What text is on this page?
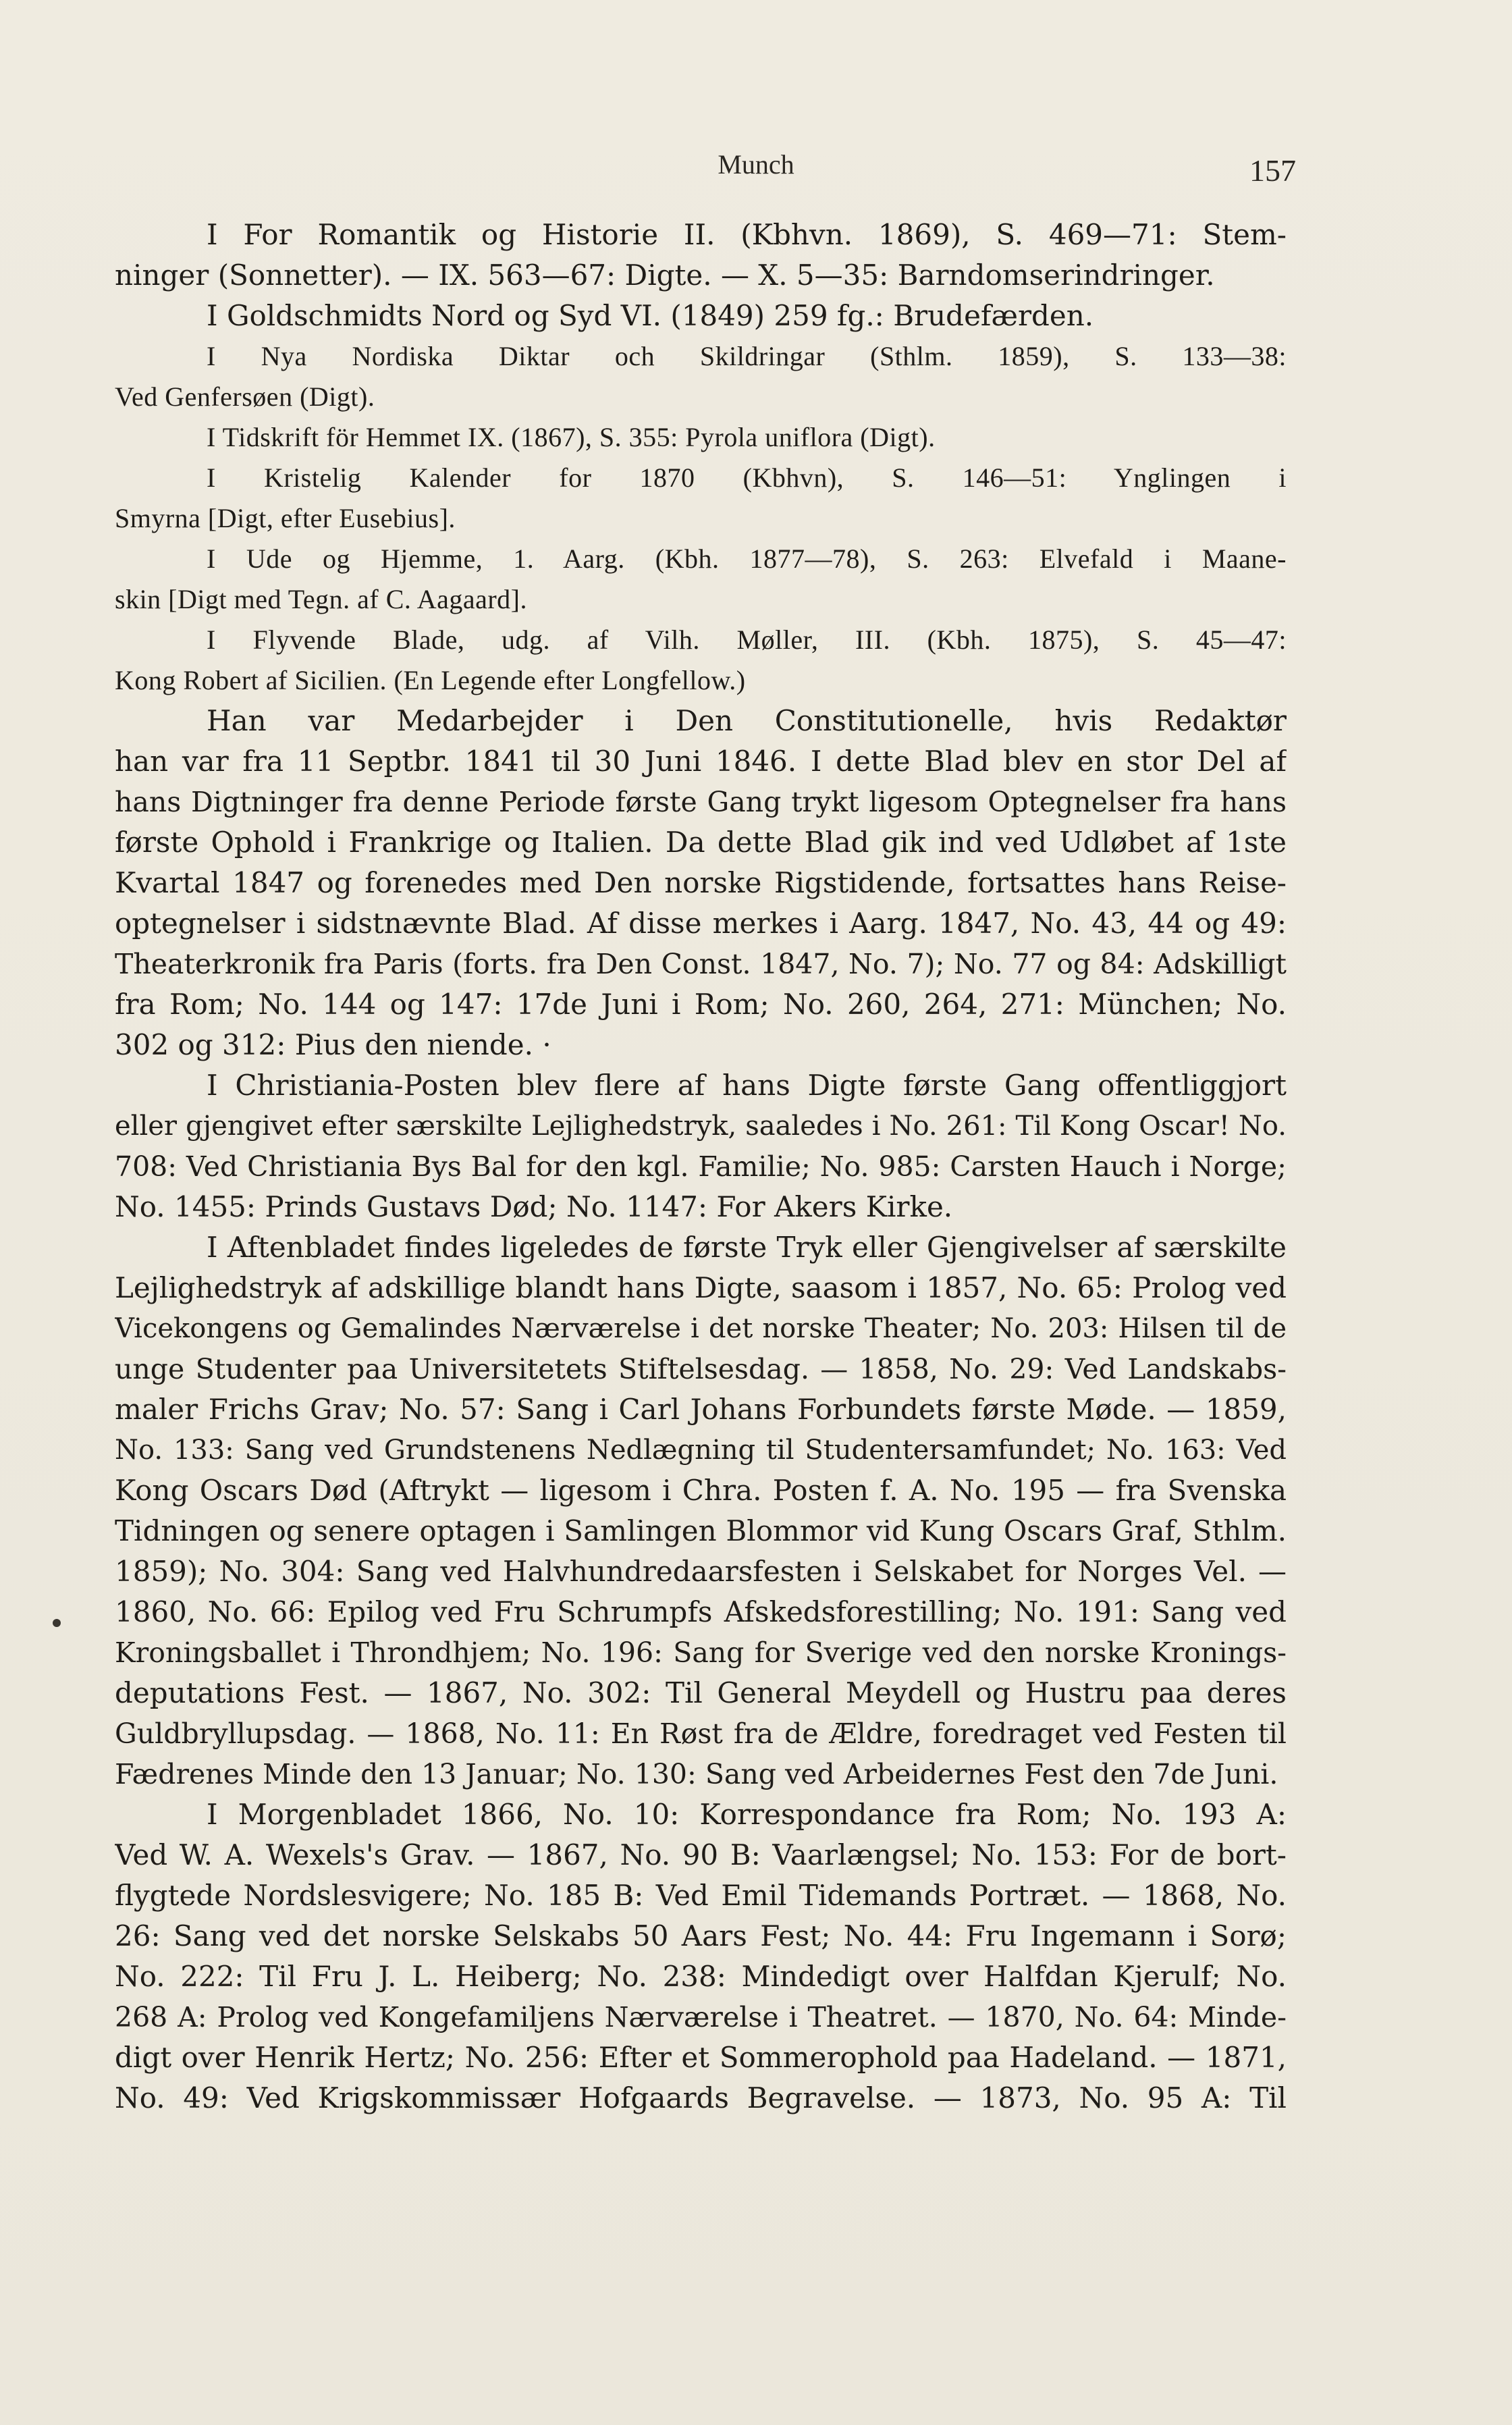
Munch	157
I For Romantik og Historie II. (Kbhvn. 1869), S. 469—71: Stem-
ninger (Sonnetter). — IX. 563—67: Digte. — X. 5—35: Barndomserindringer.
I Goldschmidts Nord og Syd VI. (1849) 259 fg.: Brudefærden.
I Nya Nordiska Diktar och Skildringar (Sthlm. 1859), S. 133—38:
Ved Genfersøen (Digt).
I Tidskrift för Hemmet IX. (1867), S. 355: Pyrola uniflora (Digt).
I Kristelig Kalender for 1870 (Kbhvn), S. 146—51: Ynglingen i
Smyrna [Digt, efter Eusebius].
I Ude og Hjemme, 1. Aarg. (Kbh. 1877—78), S. 263: Elvefald i Maane-
skin [Digt med Tegn. af C. Aagaard].
I Flyvende Blade, udg. af Vilh. Møller, III. (Kbh. 1875), S. 45—47:
Kong Robert af Sicilien. (En Legende efter Longfellow.)
Han var Medarbejder i Den Constitutionelle, hvis Redaktør
han var fra 11 Septbr. 1841 til 30 Juni 1846. I dette Blad blev en stor Del af
hans Digtninger fra denne Periode første Gang trykt ligesom Optegnelser fra hans
første Ophold i Frankrige og Italien. Da dette Blad gik ind ved Udløbet af 1ste
Kvartal 1847 og forenedes med Den norske Rigstidende, fortsattes hans Reise-
optegnelser i sidstnævnte Blad. Af disse merkes i Aarg. 1847, No. 43, 44 og 49:
Theaterkronik fra Paris (forts. fra Den Const. 1847, No. 7); No. 77 og 84: Adskilligt
fra Rom; No. 144 og 147: 17de Juni i Rom; No. 260, 264, 271: München; No.
302 og 312: Pius den niende. ·
I Christiania-Posten blev flere af hans Digte første Gang offentliggjort
eller gjengivet efter særskilte Lejlighedstryk, saaledes i No. 261: Til Kong Oscar! No.
708: Ved Christiania Bys Bal for den kgl. Familie; No. 985: Carsten Hauch i Norge;
No. 1455: Prinds Gustavs Død; No. 1147: For Akers Kirke.
I Aftenbladet findes ligeledes de første Tryk eller Gjengivelser af særskilte
Lejlighedstryk af adskillige blandt hans Digte, saasom i 1857, No. 65: Prolog ved
Vicekongens og Gemalindes Nærværelse i det norske Theater; No. 203: Hilsen til de
unge Studenter paa Universitetets Stiftelsesdag. — 1858, No. 29: Ved Landskabs-
maler Frichs Grav; No. 57: Sang i Carl Johans Forbundets første Møde. — 1859,
No. 133: Sang ved Grundstenens Nedlægning til Studentersamfundet; No. 163: Ved
Kong Oscars Død (Aftrykt — ligesom i Chra. Posten f. A. No. 195 — fra Svenska
Tidningen og senere optagen i Samlingen Blommor vid Kung Oscars Graf, Sthlm.
1859); No. 304: Sang ved Halvhundredaarsfesten i Selskabet for Norges Vel. —
1860, No. 66: Epilog ved Fru Schrumpfs Afskedsforestilling; No. 191: Sang ved
Kroningsballet i Throndhjem; No. 196: Sang for Sverige ved den norske Kronings-
deputations Fest. — 1867, No. 302: Til General Meydell og Hustru paa deres
Guldbryllupsdag. — 1868, No. 11: En Røst fra de Ældre, foredraget ved Festen til
Fædrenes Minde den 13 Januar; No. 130: Sang ved Arbeidernes Fest den 7de Juni.
I Morgenbladet 1866, No. 10: Korrespondance fra Rom; No. 193 A:
Ved W. A. Wexels's Grav. — 1867, No. 90 B: Vaarlængsel; No. 153: For de bort-
flygtede Nordslesvigere; No. 185 B: Ved Emil Tidemands Portræt. — 1868, No.
26: Sang ved det norske Selskabs 50 Aars Fest; No. 44: Fru Ingemann i Sorø;
No. 222: Til Fru J. L. Heiberg; No. 238: Mindedigt over Halfdan Kjerulf; No.
268 A: Prolog ved Kongefamiljens Nærværelse i Theatret. — 1870, No. 64: Minde-
digt over Henrik Hertz; No. 256: Efter et Sommerophold paa Hadeland. — 1871,
No. 49: Ved Krigskommissær Hofgaards Begravelse. — 1873, No. 95 A: Til
